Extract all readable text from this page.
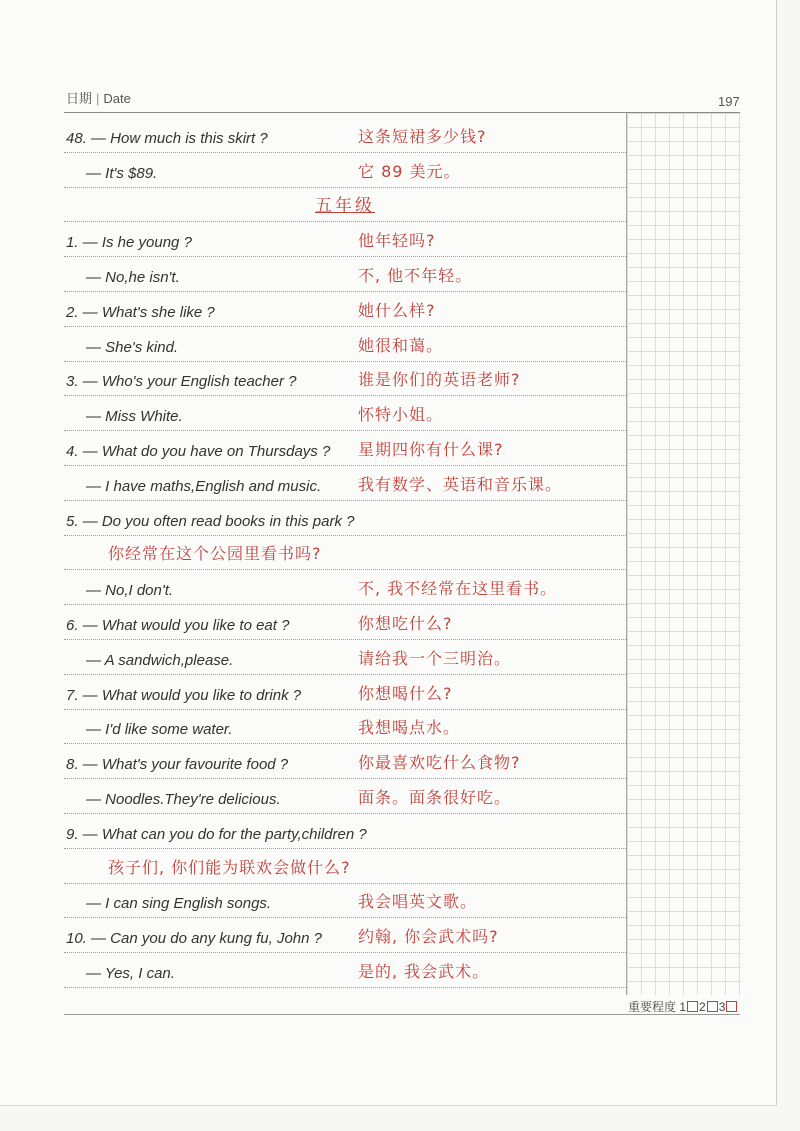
日期 | Date	197
48. — How much is this skirt ?	这条短裙多少钱?
— It's $89.	它 89 美元。
五年级
1. — Is he young ?	他年轻吗?
— No,he isn't.	不, 他不年轻。
2. — What's she like ?	她什么样?
— She's kind.	她很和蔼。
3. — Who's your English teacher ?	谁是你们的英语老师?
— Miss White.	怀特小姐。
4. — What do you have on Thursdays ? 星期四你有什么课?
— I have maths,English and music. 我有数学、英语和音乐课。
5. — Do you often read books in this park ?
你经常在这个公园里看书吗?
— No,I don't.	不, 我不经常在这里看书。
6. — What would you like to eat ?	你想吃什么?
— A sandwich,please.	请给我一个三明治。
7. — What would you like to drink ?	你想喝什么?
— I'd like some water.	我想喝点水。
8. — What's your favourite food ?	你最喜欢吃什么食物?
— Noodles.They're delicious.	面条。面条很好吃。
9. — What can you do for the party,children ?
孩子们, 你们能为联欢会做什么?
— I can sing English songs.	我会唱英文歌。
10. — Can you do any kung fu, John ? 约翰, 你会武术吗?
— Yes, I can.	是的, 我会武术。
重要程度 1 2 3
